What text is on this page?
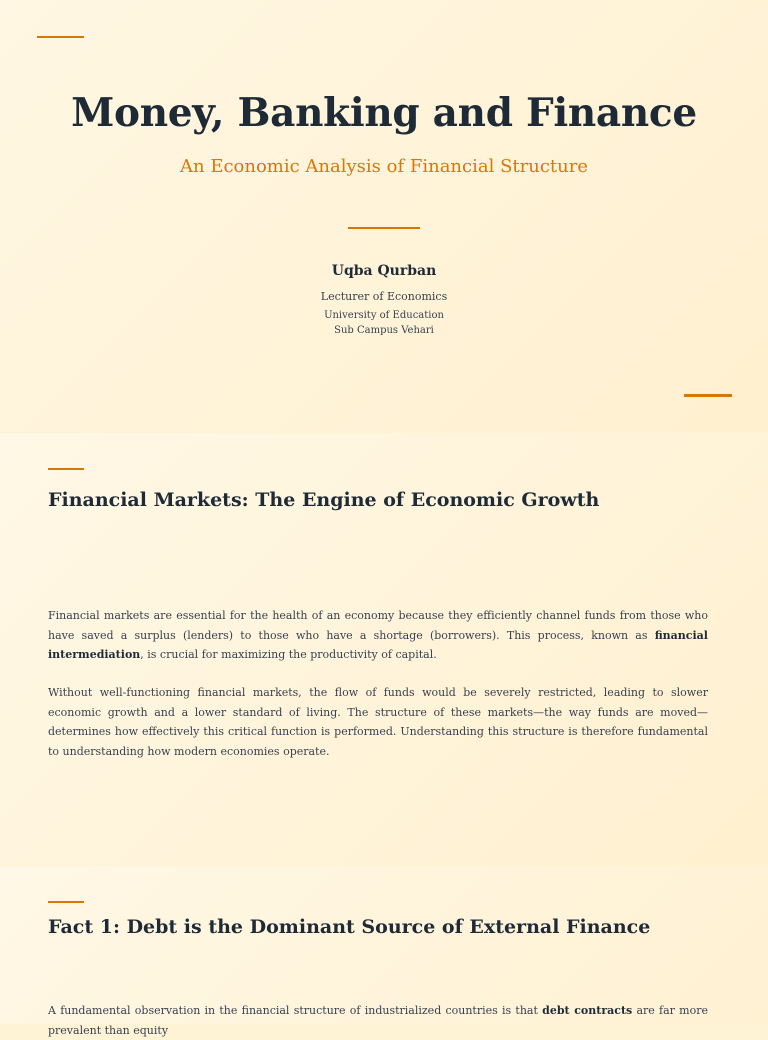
Money, Banking and Finance
An Economic Analysis of Financial Structure
Uqba Qurban
Lecturer of Economics
University of Education
Sub Campus Vehari
Financial Markets: The Engine of Economic Growth

Financial markets are essential for the health of an economy because they efficiently channel funds from those who have saved a surplus (lenders) to those who have a shortage (borrowers). This process, known as financial intermediation, is crucial for maximizing the productivity of capital.

Without well-functioning financial markets, the flow of funds would be severely restricted, leading to slower economic growth and a lower standard of living. The structure of these markets—the way funds are moved—determines how effectively this critical function is performed. Understanding this structure is therefore fundamental to understanding how modern economies operate.

Fact 1: Debt is the Dominant Source of External Finance

A fundamental observation in the financial structure of industrialized countries is that debt contracts are far more prevalent than equity
